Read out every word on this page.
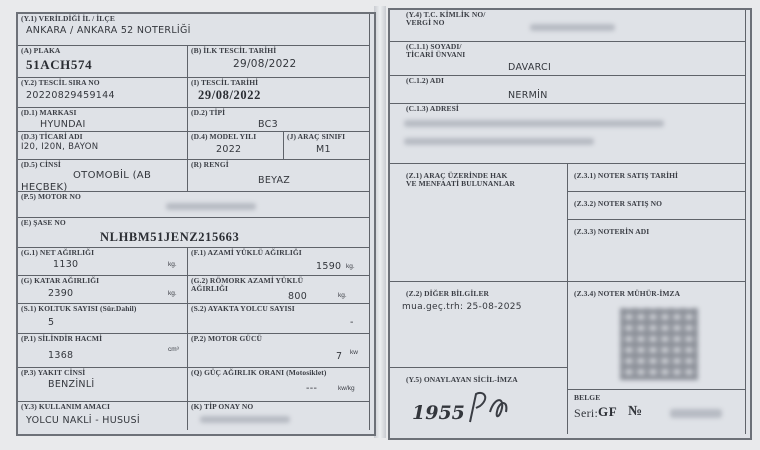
(Y.1) VERİLDİĞİ İL / İLÇE
ANKARA / ANKARA 52 NOTERLİĞİ
(A) PLAKA
51ACH574
(B) İLK TESCİL TARİHİ
29/08/2022
(Y.2) TESCİL SIRA NO
20220829459144
(I) TESCİL TARİHİ
29/08/2022
(D.1) MARKASI
HYUNDAI
(D.2) TİPİ
BC3
(D.3) TİCARİ ADI
I20, I20N, BAYON
(D.4) MODEL YILI
2022
(J) ARAÇ SINIFI
M1
(D.5) CİNSİ
OTOMOBİL (AB HEÇBEK)
(R) RENGİ
BEYAZ
(P.5) MOTOR NO
(E) ŞASE NO
NLHBM51JENZ215663
(G.1) NET AĞIRLIĞI
1130	kg.
(F.1) AZAMİ YÜKLÜ AĞIRLIĞI
1590 kg.
(G) KATAR AĞIRLIĞI
2390	kg.
(G.2) RÖMORK AZAMİ YÜKLÜ
AĞIRLIĞI
800	kg.
(S.1) KOLTUK SAYISI (Sür.Dahil)
5
(S.2) AYAKTA YOLCU SAYISI
-
(P.1) SİLİNDİR HACMİ
1368
cm³
(P.2) MOTOR GÜCÜ
7 kw
(P.3) YAKIT CİNSİ
BENZİNLİ
(Q) GÜÇ AĞIRLIK ORANI (Motosiklet)
---	kw/kg
(Y.3) KULLANIM AMACI
YOLCU NAKLİ - HUSUSİ
(K) TİP ONAY NO
(Y.4) T.C. KİMLİK NO/
VERGİ NO
(C.1.1) SOYADI/
TİCARİ ÜNVANI
DAVARCI
(C.1.2) ADI
NERMİN
(C.1.3) ADRESİ
(Z.1) ARAÇ ÜZERİNDE HAK
VE MENFAATİ BULUNANLAR
(Z.3.1) NOTER SATIŞ TARİHİ
(Z.3.2) NOTER SATIŞ NO
(Z.3.3) NOTERİN ADI
(Z.2) DİĞER BİLGİLER
mua.geç.trh: 25-08-2025
(Z.3.4) NOTER MÜHÜR-İMZA
(Y.5) ONAYLAYAN SİCİL-İMZA
1955
BELGE
Seri: GF №
